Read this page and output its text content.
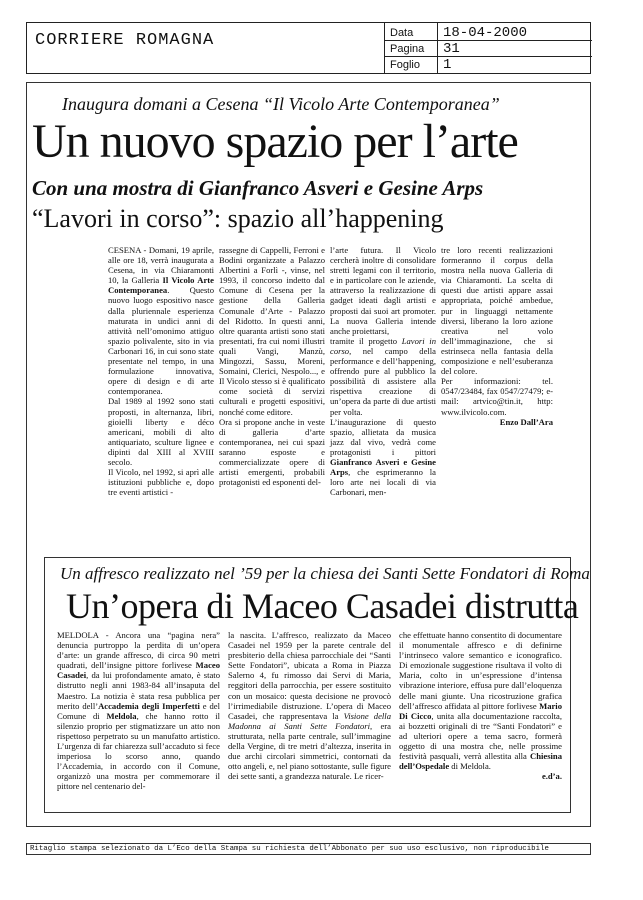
CORRIERE ROMAGNA	Data 18-04-2000
Pagina 31
Foglio 1
Inaugura domani a Cesena “Il Vicolo Arte Contemporanea”
Un nuovo spazio per l’arte
Con una mostra di Gianfranco Asveri e Gesine Arps
“Lavori in corso”: spazio all’happening

CESENA - Domani, 19 aprile, alle ore 18, verrà inaugurata a Cesena, in via Chiaramonti 10, la Galleria Il Vicolo Arte Contemporanea. Questo nuovo luogo espositivo nasce dalla pluriennale esperienza maturata in undici anni di attività nell’omonimo attiguo spazio polivalente, sito in via Carbonari 16, in cui sono state presentate nel tempo, in una formulazione innovativa, opere di design e di arte contemporanea.

Dal 1989 al 1992 sono stati proposti, in alternanza, libri, gioielli liberty e déco americani, mobili di alto antiquariato, sculture lignee e dipinti dal XIII al XVIII secolo.

Il Vicolo, nel 1992, si aprì alle istituzioni pubbliche e, dopo tre eventi artistici -

rassegne di Cappelli, Ferroni e Bodini organizzate a Palazzo Albertini a Forlì -, vinse, nel 1993, il concorso indetto dal Comune di Cesena per la gestione della Galleria Comunale d’Arte - Palazzo del Ridotto. In questi anni, oltre quaranta artisti sono stati presentati, fra cui nomi illustri quali Vangi, Manzù, Mingozzi, Sassu, Moreni, Somaini, Clerici, Nespolo..., e Il Vicolo stesso si è qualificato come società di servizi culturali e progetti espositivi, nonché come editore.

Ora si propone anche in veste di galleria d’arte contemporanea, nei cui spazi saranno esposte e commercializzate opere di artisti emergenti, probabili protagonisti ed esponenti del-

l’arte futura. Il Vicolo cercherà inoltre di consolidare stretti legami con il territorio, e in particolare con le aziende, attraverso la realizzazione di gadget ideati dagli artisti e proposti dai suoi art promoter. La nuova Galleria intende anche proiettarsi,

tramite il progetto Lavori in corso, nel campo della performance e dell’happening, offrendo pure al pubblico la possibilità di assistere alla rispettiva creazione di un’opera da parte di due artisti per volta.

L’inaugurazione di questo spazio, allietata da musica jazz dal vivo, vedrà come protagonisti i pittori Gianfranco Asveri e Gesine Arps, che esprimeranno la loro arte nei locali di via Carbonari, men-

tre loro recenti realizzazioni formeranno il corpus della mostra nella nuova Galleria di via Chiaramonti. La scelta di questi due artisti appare assai appropriata, poiché ambedue, pur in linguaggi nettamente diversi, liberano la loro azione creativa nel volo dell’immaginazione, che si estrinseca nella fantasia della composizione e nell’esuberanza del colore.

Per informazioni: tel. 0547/23484, fax 0547/27479; e-mail: artvico@tin.it, http: www.ilvicolo.com.

Enzo Dall’Ara

Un affresco realizzato nel ’59 per la chiesa dei Santi Sette Fondatori di Roma
Un’opera di Maceo Casadei distrutta

MELDOLA - Ancora una “pagina nera” denuncia purtroppo la perdita di un’opera d’arte: un grande affresco, di circa 90 metri quadrati, dell’insigne pittore forlivese Maceo Casadei, da lui profondamente amato, è stato distrutto negli anni 1983-84 all’insaputa del Maestro. La notizia è stata resa pubblica per merito dell’Accademia degli Imperfetti e del Comune di Meldola, che hanno rotto il silenzio proprio per stigmatizzare un atto non rispettoso perpetrato su un manufatto artistico. L’urgenza di far chiarezza sull’accaduto si fece imperiosa lo scorso anno, quando l’Accademia, in accordo con il Comune, organizzò una mostra per commemorare il pittore nel centenario del-

la nascita. L’affresco, realizzato da Maceo Casadei nel 1959 per la parete centrale del presbiterio della chiesa parrocchiale dei “Santi Sette Fondatori”, ubicata a Roma in Piazza Salerno 4, fu rimosso dai Servi di Maria, reggitori della parrocchia, per essere sostituito con un mosaico: questa decisione ne provocò l’irrimediabile distruzione. L’opera di Maceo Casadei, che rappresentava la Visione della Madonna ai Santi Sette Fondatori, era strutturata, nella parte centrale, sull’immagine della Vergine, di tre metri d’altezza, inserita in due archi circolari simmetrici, contornati da otto angeli, e, nel piano sottostante, sulle figure dei sette santi, a grandezza naturale. Le ricer-

che effettuate hanno consentito di documentare il monumentale affresco e di definirne l’intrinseco valore semantico e iconografico. Di emozionale suggestione risultava il volto di Maria, colto in un’espressione d’intensa vibrazione interiore, effusa pure dall’eloquenza delle mani giunte. Una ricostruzione grafica dell’affresco affidata al pittore forlivese Mario Di Cicco, unita alla documentazione raccolta, ai bozzetti originali di tre “Santi Fondatori” e ad ulteriori opere a tema sacro, formerà oggetto di una mostra che, nelle prossime festività pasquali, verrà allestita alla Chiesina dell’Ospedale di Meldola.

e.d’a.

Ritaglio stampa selezionato da L’Eco della Stampa su richiesta dell’Abbonato per suo uso esclusivo, non riproducibile
